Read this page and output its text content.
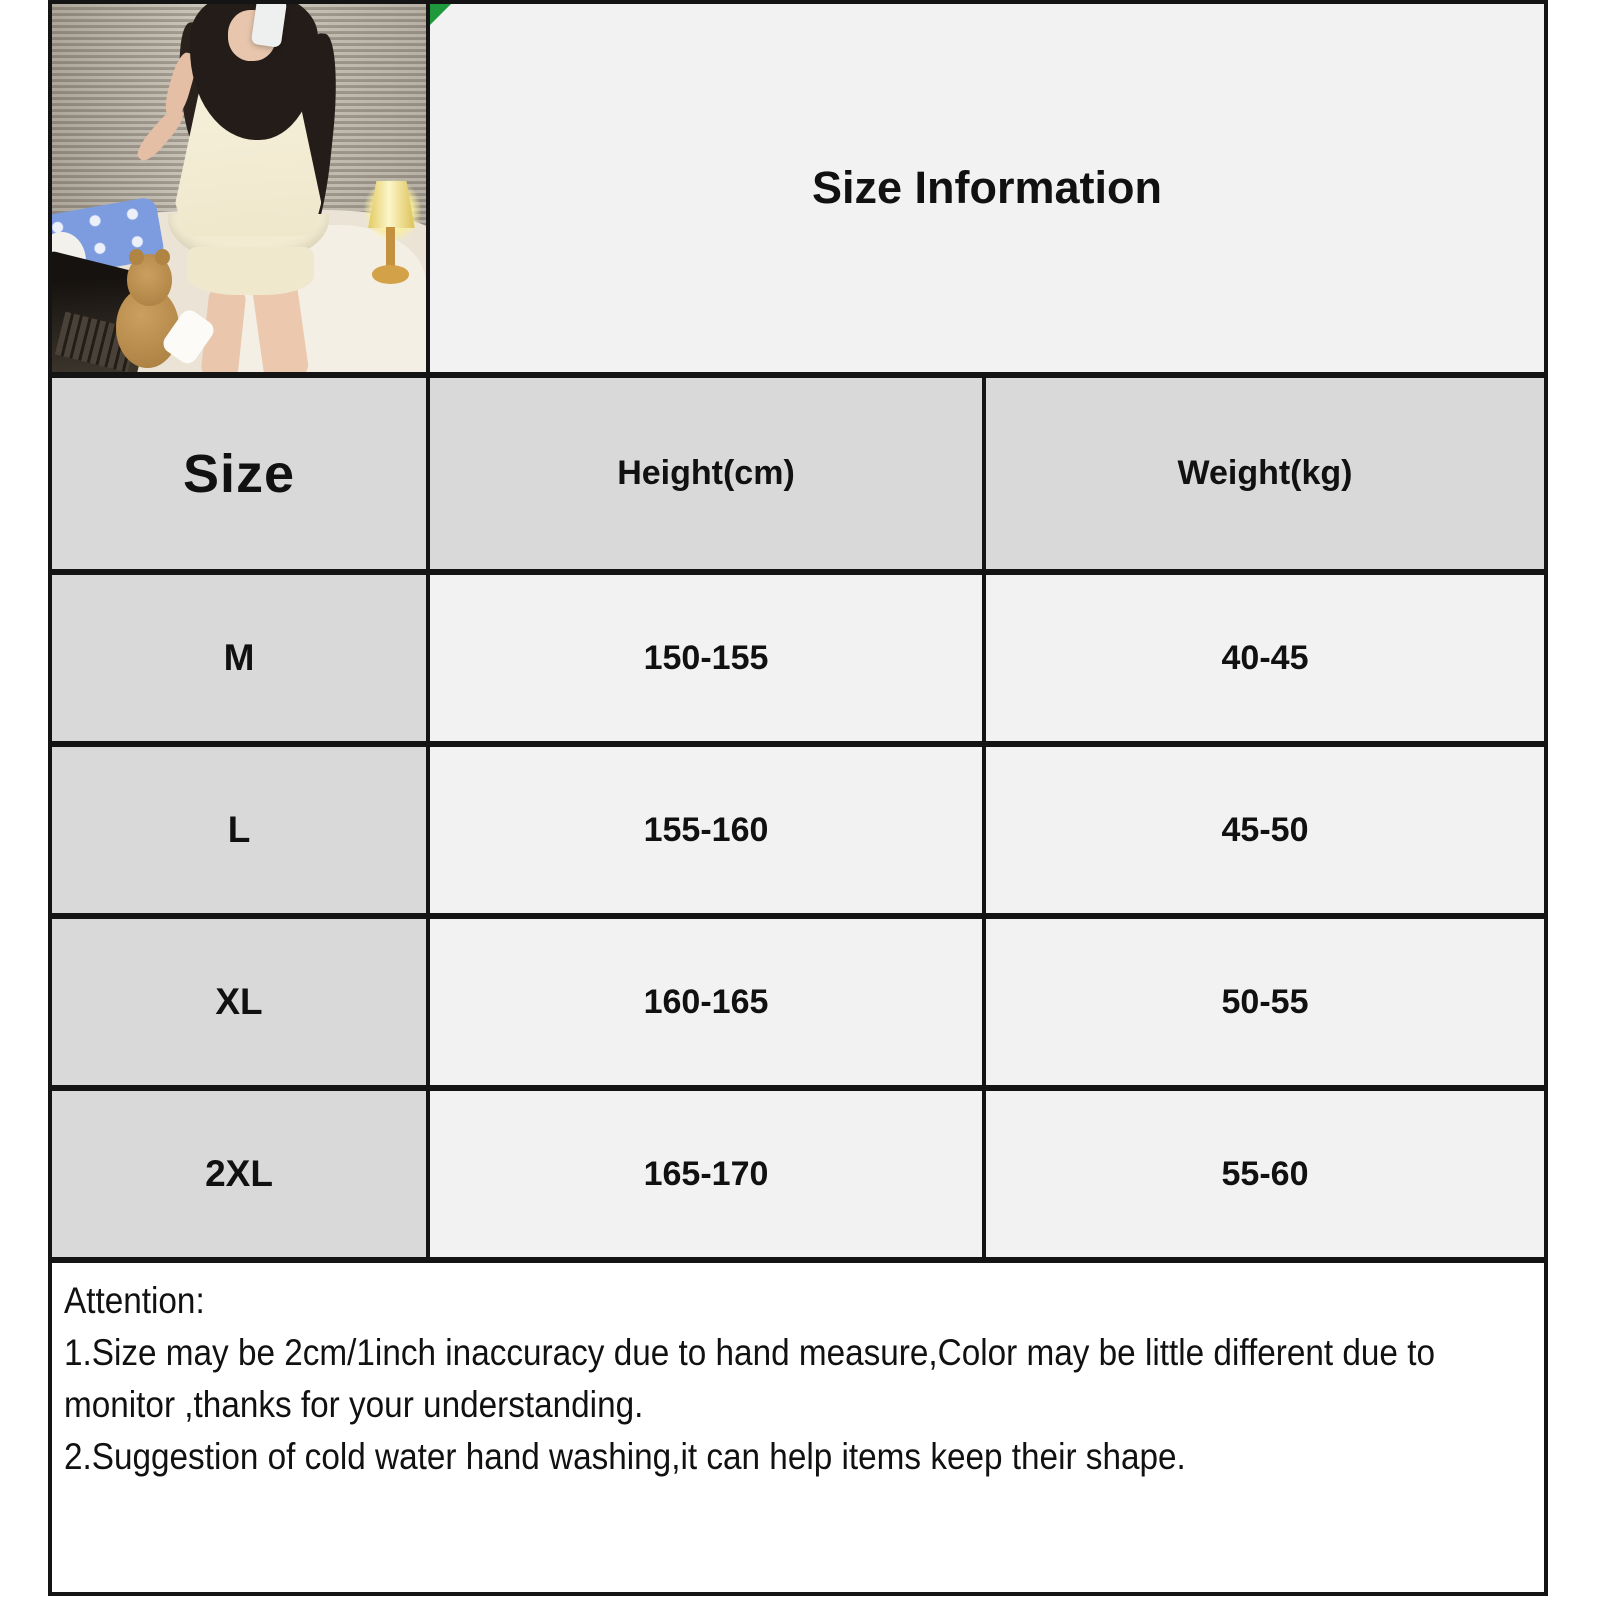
Size Information
Size	Height(cm)	Weight(kg)
M	150-155	40-45
L	155-160	45-50
XL	160-165	50-55
2XL	165-170	55-60

Attention:

1.Size may be 2cm/1inch inaccuracy due to hand measure,Color may be little different due to monitor ,thanks for your understanding.

2.Suggestion of cold water hand washing,it can help items keep their shape.
